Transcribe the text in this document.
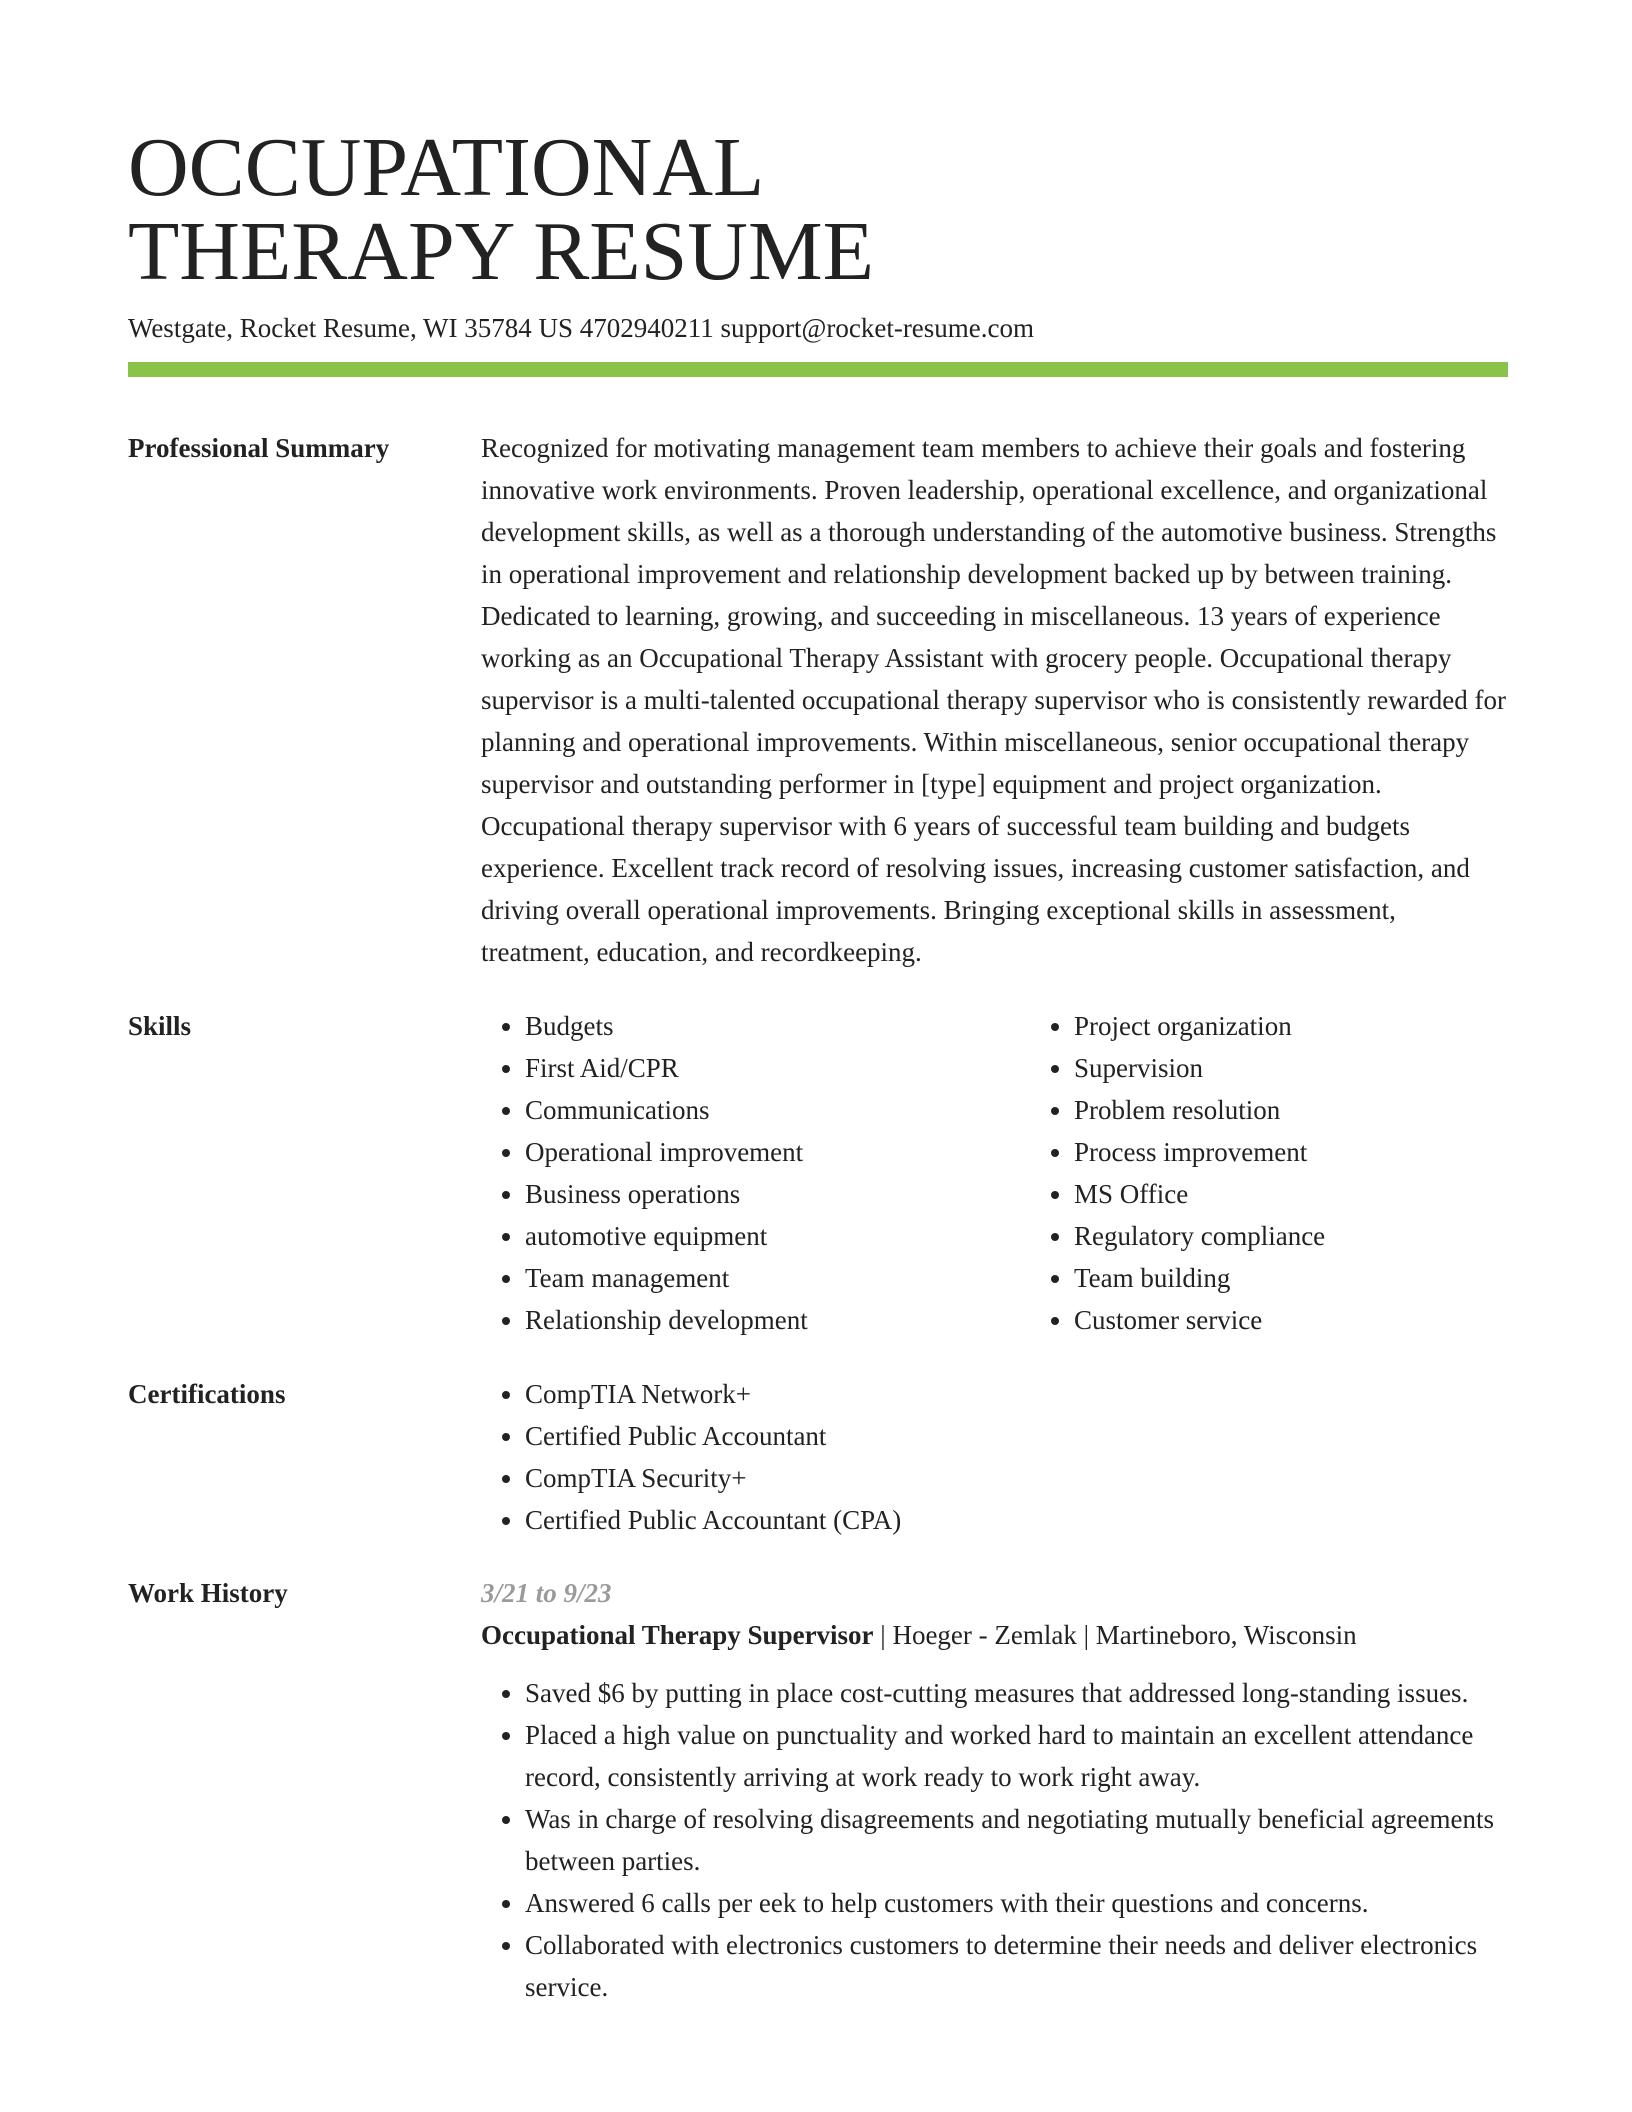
OCCUPATIONAL
THERAPY RESUME
Westgate, Rocket Resume, WI 35784 US 4702940211 support@rocket-resume.com
Professional Summary	Recognized for motivating management team members to achieve their goals and fostering innovative work environments. Proven leadership, operational excellence, and organizational development skills, as well as a thorough understanding of the automotive business. Strengths in operational improvement and relationship development backed up by between training. Dedicated to learning, growing, and succeeding in miscellaneous. 13 years of experience working as an Occupational Therapy Assistant with grocery people. Occupational therapy supervisor is a multi-talented occupational therapy supervisor who is consistently rewarded for planning and operational improvements. Within miscellaneous, senior occupational therapy supervisor and outstanding performer in [type] equipment and project organization. Occupational therapy supervisor with 6 years of successful team building and budgets experience. Excellent track record of resolving issues, increasing customer satisfaction, and driving overall operational improvements. Bringing exceptional skills in assessment, treatment, education, and recordkeeping.

Skills	• Budgets
• First Aid/CPR
• Communications
• Operational improvement
• Business operations
• automotive equipment
• Team management
• Relationship development
• Project organization
• Supervision
• Problem resolution
• Process improvement
• MS Office
• Regulatory compliance
• Team building
• Customer service
Certifications	• CompTIA Network+
• Certified Public Accountant
• CompTIA Security+
• Certified Public Accountant (CPA)
Work History	3/21 to 9/23
Occupational Therapy Supervisor | Hoeger - Zemlak | Martineboro, Wisconsin
• Saved $6 by putting in place cost-cutting measures that addressed long-standing issues.
• Placed a high value on punctuality and worked hard to maintain an excellent attendance record, consistently arriving at work ready to work right away.
• Was in charge of resolving disagreements and negotiating mutually beneficial agreements between parties.
• Answered 6 calls per eek to help customers with their questions and concerns.
• Collaborated with electronics customers to determine their needs and deliver electronics service.
